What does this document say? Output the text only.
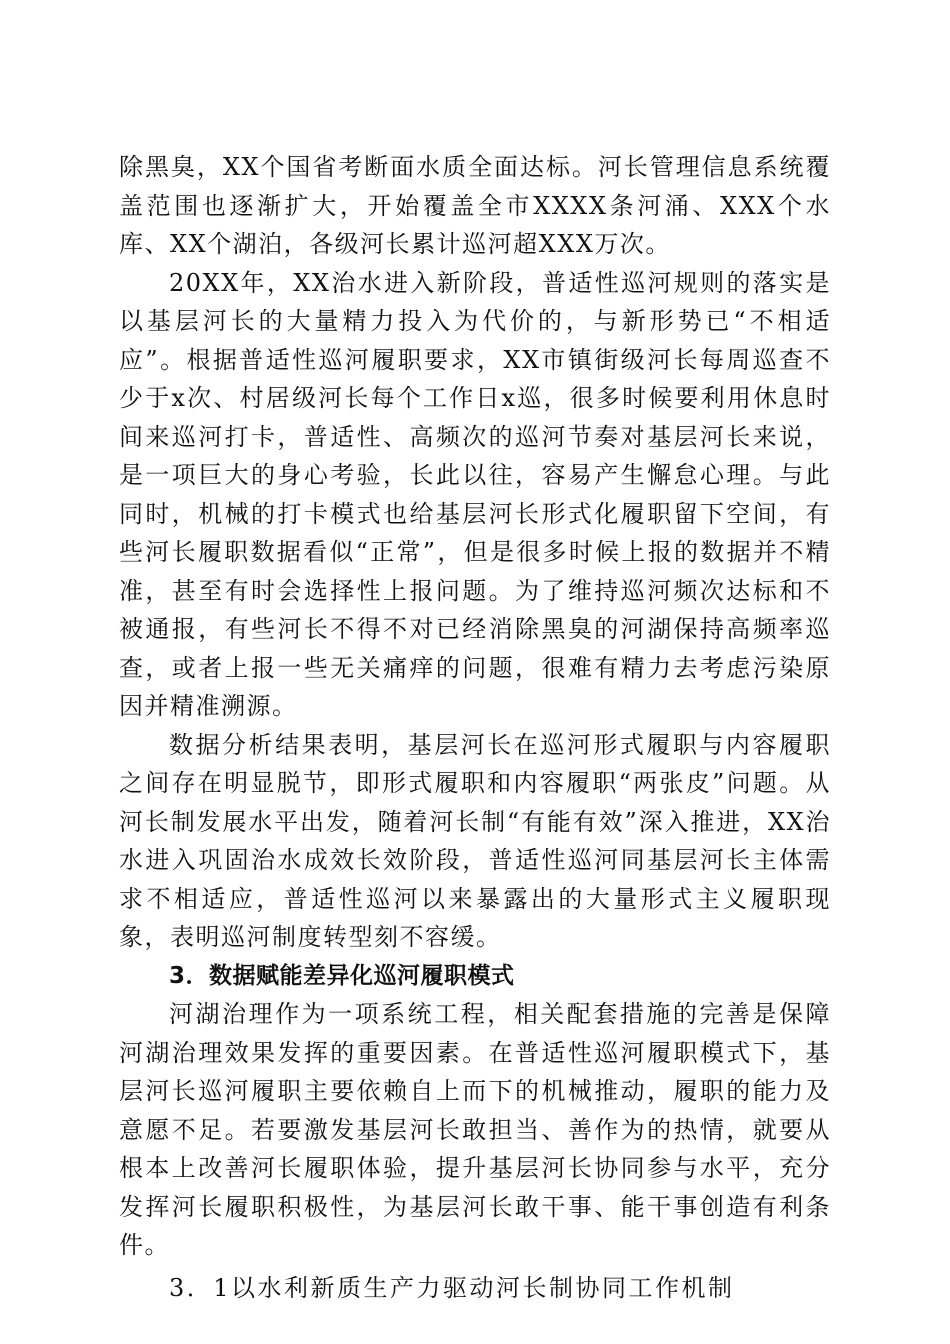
除黑臭，XX个国省考断面水质全面达标。河长管理信息系统覆盖范围也逐渐扩大，开始覆盖全市XXXX条河涌、XXX个水库、XX个湖泊，各级河长累计巡河超XXX万次。

20XX年，XX治水进入新阶段，普适性巡河规则的落实是以基层河长的大量精力投入为代价的，与新形势已“不相适应”。根据普适性巡河履职要求，XX市镇街级河长每周巡查不少于x次、村居级河长每个工作日x巡，很多时候要利用休息时间来巡河打卡，普适性、高频次的巡河节奏对基层河长来说，是一项巨大的身心考验，长此以往，容易产生懈怠心理。与此同时，机械的打卡模式也给基层河长形式化履职留下空间，有些河长履职数据看似“正常”，但是很多时候上报的数据并不精准，甚至有时会选择性上报问题。为了维持巡河频次达标和不被通报，有些河长不得不对已经消除黑臭的河湖保持高频率巡查，或者上报一些无关痛痒的问题，很难有精力去考虑污染原因并精准溯源。

数据分析结果表明，基层河长在巡河形式履职与内容履职之间存在明显脱节，即形式履职和内容履职“两张皮”问题。从河长制发展水平出发，随着河长制“有能有效”深入推进，XX治水进入巩固治水成效长效阶段，普适性巡河同基层河长主体需求不相适应，普适性巡河以来暴露出的大量形式主义履职现象，表明巡河制度转型刻不容缓。

3．数据赋能差异化巡河履职模式

河湖治理作为一项系统工程，相关配套措施的完善是保障河湖治理效果发挥的重要因素。在普适性巡河履职模式下，基层河长巡河履职主要依赖自上而下的机械推动，履职的能力及意愿不足。若要激发基层河长敢担当、善作为的热情，就要从根本上改善河长履职体验，提升基层河长协同参与水平，充分发挥河长履职积极性，为基层河长敢干事、能干事创造有利条件。

3．1以水利新质生产力驱动河长制协同工作机制
